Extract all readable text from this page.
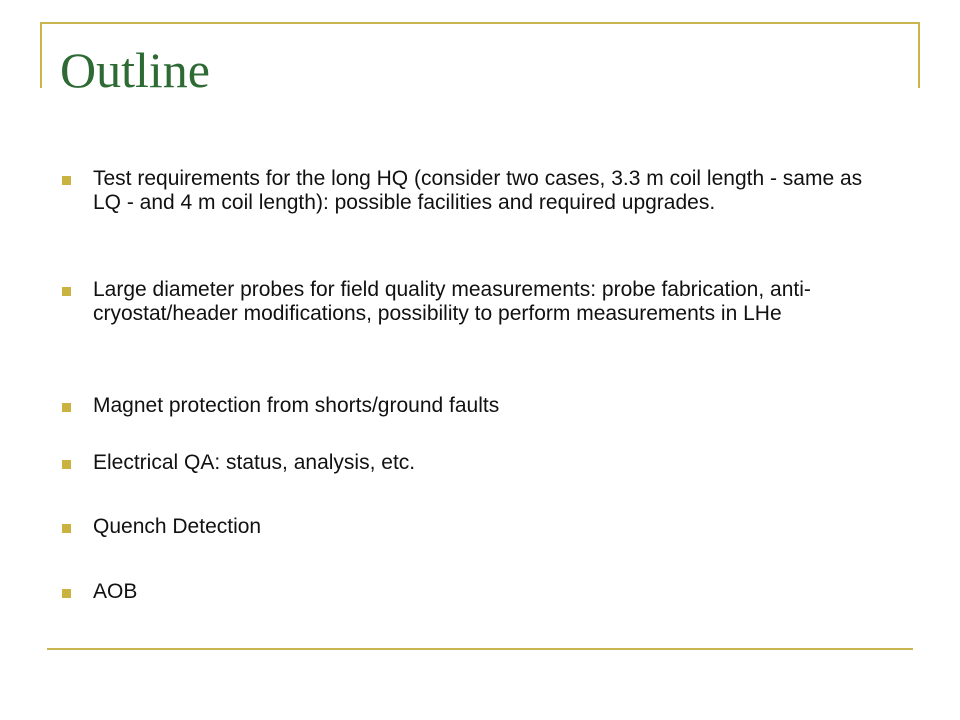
Outline
Test requirements for the long HQ (consider two cases, 3.3 m coil length - same as LQ - and 4 m coil length): possible facilities and required upgrades.
Large diameter probes for field quality measurements: probe fabrication, anti-cryostat/header modifications, possibility to perform measurements in LHe
Magnet protection from shorts/ground faults
Electrical QA: status, analysis, etc.
Quench Detection
AOB
